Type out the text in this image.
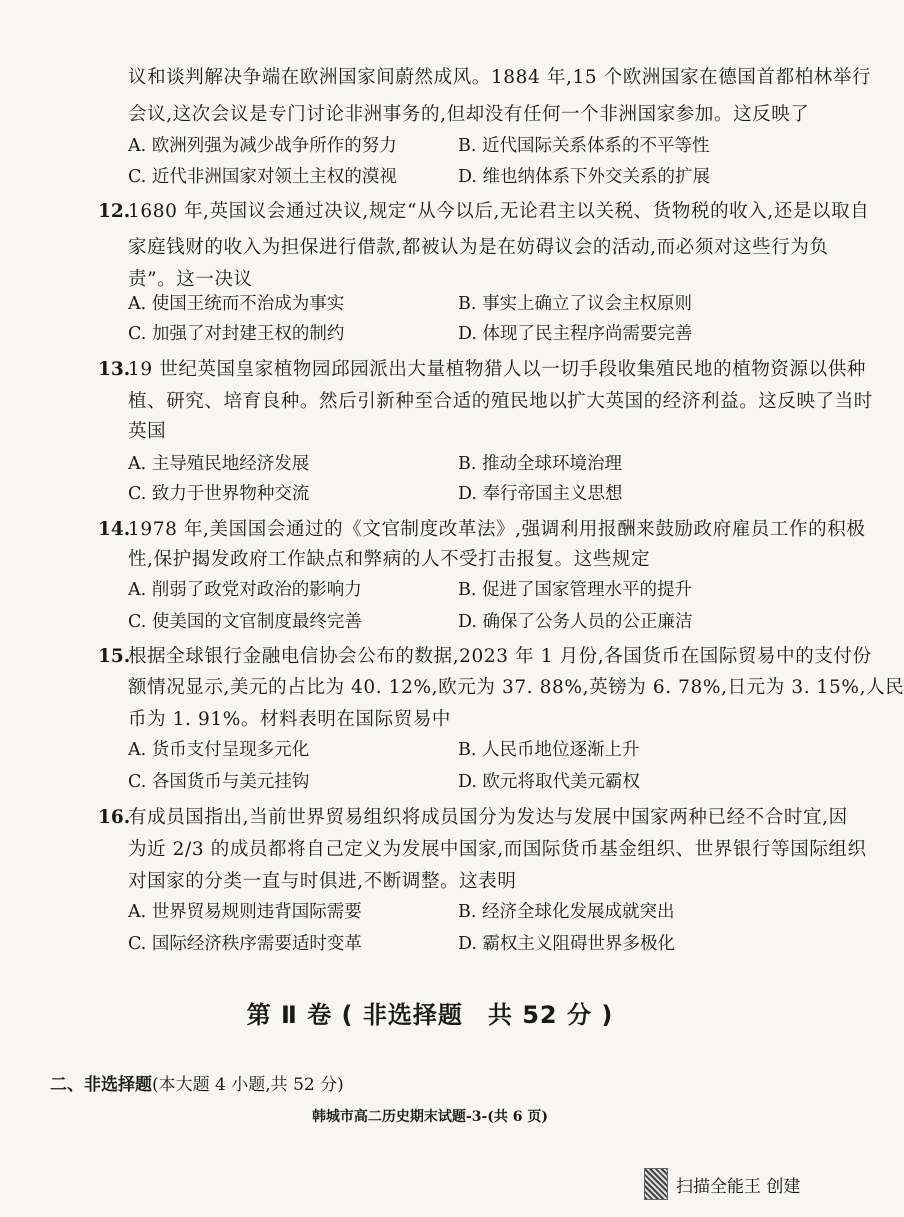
议和谈判解决争端在欧洲国家间蔚然成风。1884 年,15 个欧洲国家在德国首都柏林举行
会议,这次会议是专门讨论非洲事务的,但却没有任何一个非洲国家参加。这反映了
A. 欧洲列强为减少战争所作的努力	B. 近代国际关系体系的不平等性
C. 近代非洲国家对领土主权的漠视	D. 维也纳体系下外交关系的扩展
12.
1680 年,英国议会通过决议,规定“从今以后,无论君主以关税、货物税的收入,还是以取自
家庭钱财的收入为担保进行借款,都被认为是在妨碍议会的活动,而必须对这些行为负
责”。这一决议
A. 使国王统而不治成为事实	B. 事实上确立了议会主权原则
C. 加强了对封建王权的制约	D. 体现了民主程序尚需要完善
13.
19 世纪英国皇家植物园邱园派出大量植物猎人以一切手段收集殖民地的植物资源以供种
植、研究、培育良种。然后引新种至合适的殖民地以扩大英国的经济利益。这反映了当时
英国
A. 主导殖民地经济发展	B. 推动全球环境治理
C. 致力于世界物种交流	D. 奉行帝国主义思想
14.
1978 年,美国国会通过的《文官制度改革法》,强调利用报酬来鼓励政府雇员工作的积极
性,保护揭发政府工作缺点和弊病的人不受打击报复。这些规定
A. 削弱了政党对政治的影响力	B. 促进了国家管理水平的提升
C. 使美国的文官制度最终完善	D. 确保了公务人员的公正廉洁
15.
根据全球银行金融电信协会公布的数据,2023 年 1 月份,各国货币在国际贸易中的支付份
额情况显示,美元的占比为 40. 12%,欧元为 37. 88%,英镑为 6. 78%,日元为 3. 15%,人民
币为 1. 91%。材料表明在国际贸易中
A. 货币支付呈现多元化	B. 人民币地位逐渐上升
C. 各国货币与美元挂钩	D. 欧元将取代美元霸权
16.
有成员国指出,当前世界贸易组织将成员国分为发达与发展中国家两种已经不合时宜,因
为近 2/3 的成员都将自己定义为发展中国家,而国际货币基金组织、世界银行等国际组织
对国家的分类一直与时俱进,不断调整。这表明
A. 世界贸易规则违背国际需要	B. 经济全球化发展成就突出
C. 国际经济秩序需要适时变革	D. 霸权主义阻碍世界多极化
第 Ⅱ 卷 ( 非选择题　共 52 分 )
二、非选择题(本大题 4 小题,共 52 分)
韩城市高二历史期末试题-3-(共 6 页)
扫描全能王 创建
